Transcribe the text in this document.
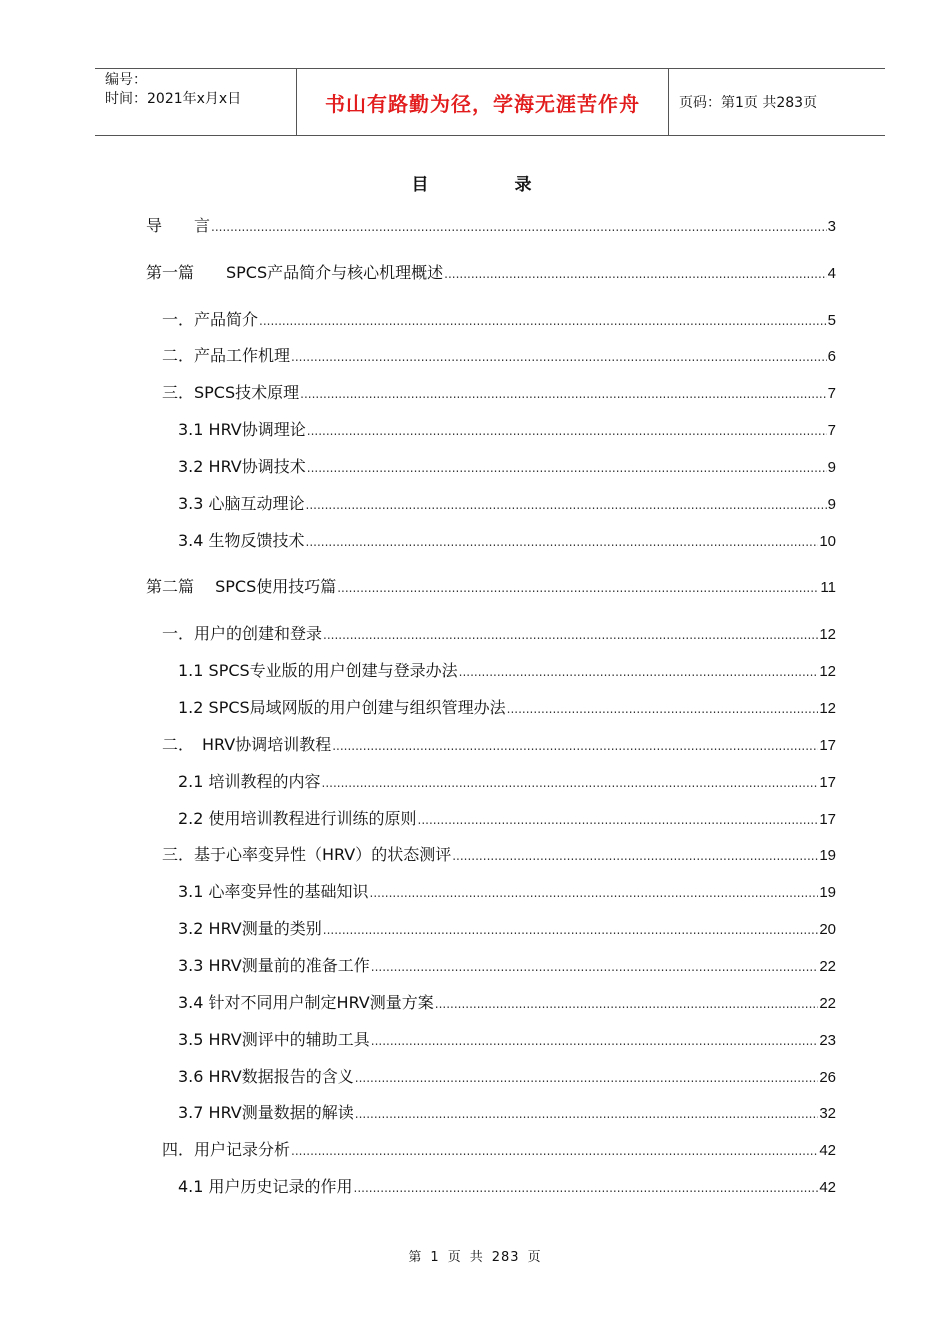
编号：
时间：2021年x月x日	书山有路勤为径，学海无涯苦作舟	页码：第1页 共283页
目 录
导　　言 .....	3
第一篇　　SPCS产品简介与核心机理概述 .....	4
一．产品简介 .....	5
二．产品工作机理 .....	6
三．SPCS技术原理 .....	7
3.1 HRV协调理论 .....	7
3.2 HRV协调技术 .....	9
3.3 心脑互动理论 .....	9
3.4 生物反馈技术 .....	10
第二篇　 SPCS使用技巧篇 .....	11
一．用户的创建和登录 .....	12
1.1 SPCS专业版的用户创建与登录办法 .....	12
1.2 SPCS局域网版的用户创建与组织管理办法 .....	12
二．　HRV协调培训教程 .....	17
2.1 培训教程的内容 .....	17
2.2 使用培训教程进行训练的原则 .....	17
三．基于心率变异性（HRV）的状态测评 .....	19
3.1 心率变异性的基础知识 .....	19
3.2 HRV测量的类别 .....	20
3.3 HRV测量前的准备工作 .....	22
3.4 针对不同用户制定HRV测量方案 .....	22
3.5 HRV测评中的辅助工具 .....	23
3.6 HRV数据报告的含义 .....	26
3.7 HRV测量数据的解读 .....	32
四．用户记录分析 .....	42
4.1 用户历史记录的作用 .....	42
第 1 页 共 283 页
